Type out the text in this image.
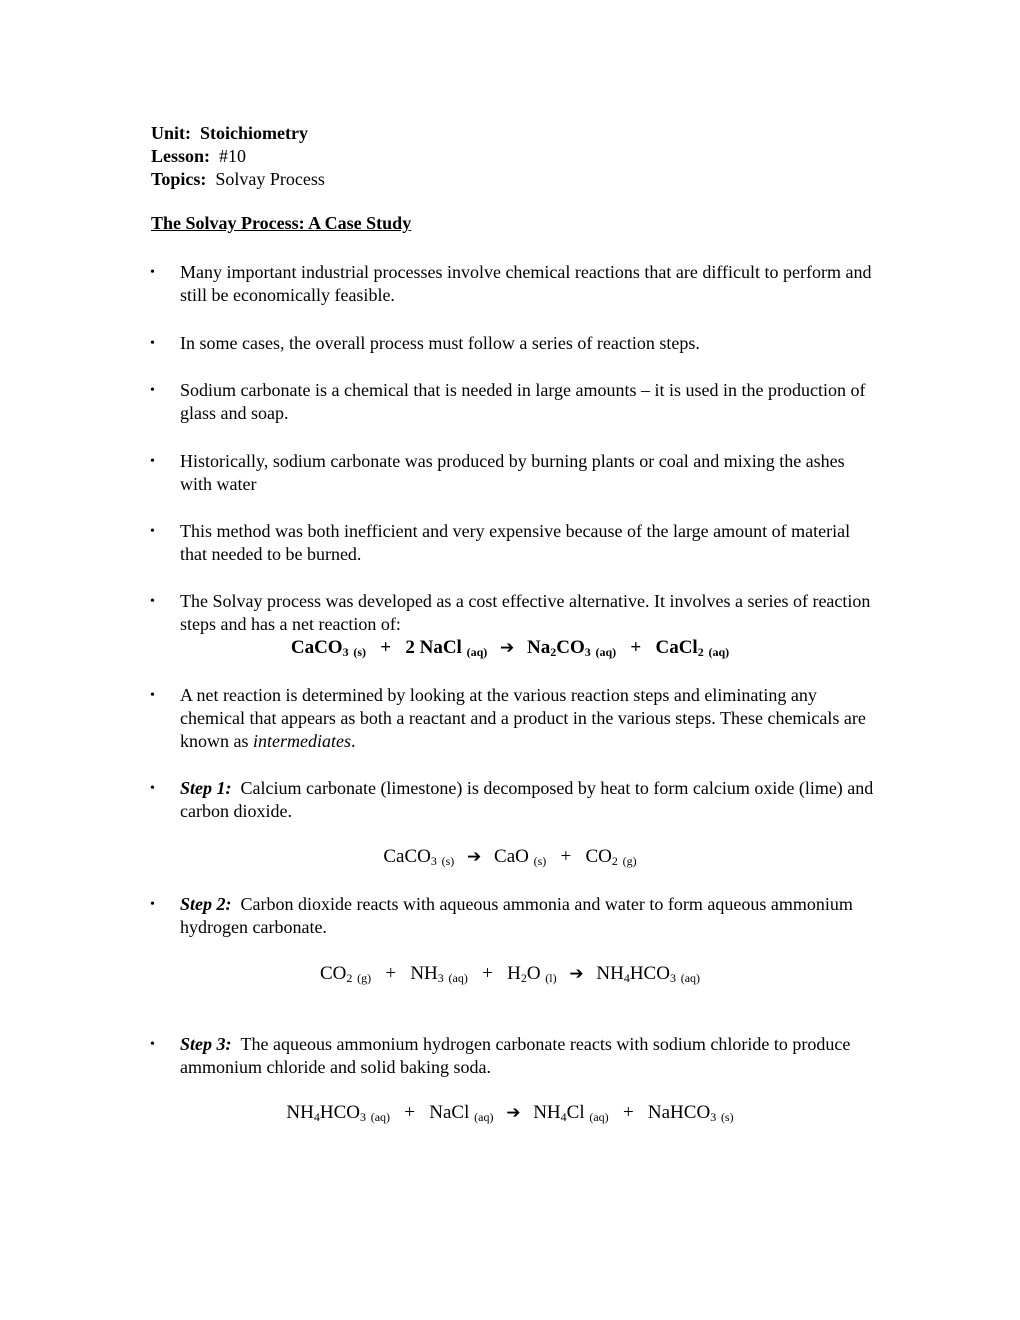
Unit: Stoichiometry
Lesson: #10
Topics: Solvay Process
The Solvay Process: A Case Study
•	Many important industrial processes involve chemical reactions that are difficult to perform and still be economically feasible.
•	In some cases, the overall process must follow a series of reaction steps.
•	Sodium carbonate is a chemical that is needed in large amounts – it is used in the production of glass and soap.
•	Historically, sodium carbonate was produced by burning plants or coal and mixing the ashes with water
•	This method was both inefficient and very expensive because of the large amount of material that needed to be burned.
•	The Solvay process was developed as a cost effective alternative. It involves a series of reaction steps and has a net reaction of:
CaCO$_3$ $_{(s)}$ + 2 NaCl $_{(aq)}$ ➔ $Na_2CO_3$ $_{(aq)}$ + CaCl$_2$ $_{(aq)}$
•	A net reaction is determined by looking at the various reaction steps and eliminating any chemical that appears as both a reactant and a product in the various steps. These chemicals are known as intermediates.
•	Step 1: Calcium carbonate (limestone) is decomposed by heat to form calcium oxide (lime) and carbon dioxide.
CaCO$_3$ $_{(s)}$ ➔ CaO $_{(s)} + CO_2$ $_{(g)}$
•	Step 2: Carbon dioxide reacts with aqueous ammonia and water to form aqueous ammonium hydrogen carbonate.
$CO_2$ $_{(g)} + NH_3$ $_{(aq)} + H_2O$ $_{(l)}$ ➔ $NH_4HCO_3$ $_{(aq)}$
•	Step 3: The aqueous ammonium hydrogen carbonate reacts with sodium chloride to produce ammonium chloride and solid baking soda.
$NH_4HCO_3$ $_{(aq)}$ + NaCl $_{(aq)}$ ➔ $NH_4Cl$ $_{(aq)}$ + NaHCO$_3$ $_{(s)}$
